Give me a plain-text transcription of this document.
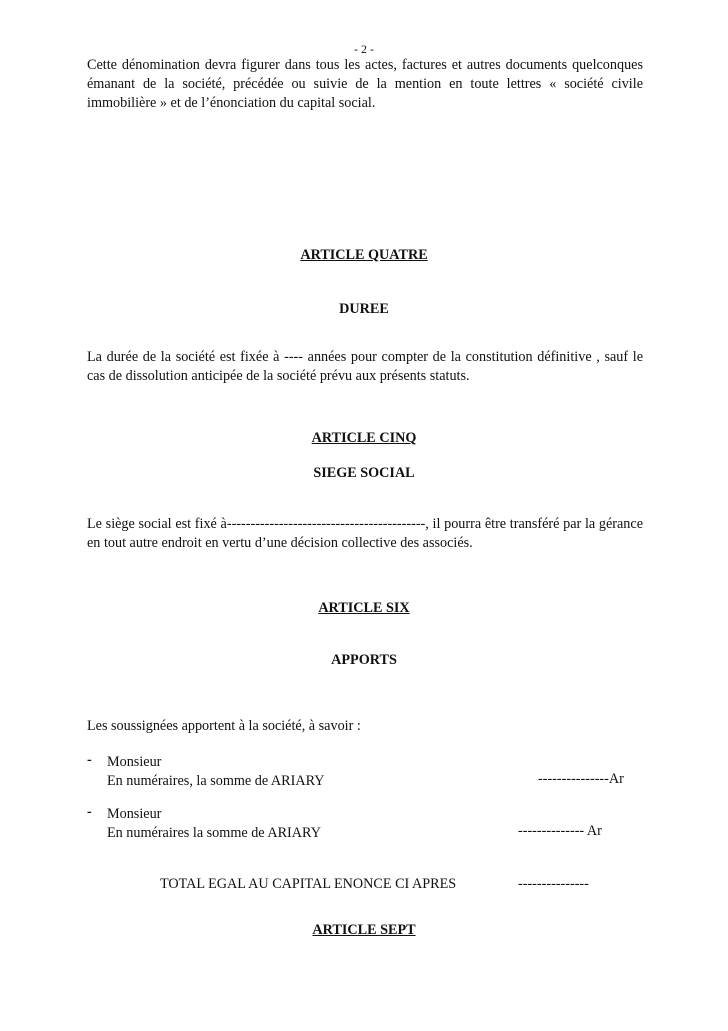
- 2 -
Cette dénomination devra figurer dans tous les actes, factures et autres documents quelconques émanant de la société, précédée ou suivie de la mention en toute lettres « société civile immobilière » et de l’énonciation du capital social.
ARTICLE QUATRE
DUREE
La durée de la société est fixée à ---- années pour compter de la constitution définitive , sauf le cas de dissolution anticipée de la société prévu aux présents statuts.
ARTICLE CINQ
SIEGE SOCIAL
Le siège social est fixé à------------------------------------------, il pourra être transféré par la gérance en tout autre endroit en vertu d’une décision collective des associés.
ARTICLE SIX
APPORTS
Les soussignées apportent à la société, à savoir :
- Monsieur
En numéraires, la somme de ARIARY	---------------Ar
- Monsieur
En numéraires la somme de ARIARY	-------------- Ar
TOTAL EGAL AU CAPITAL ENONCE CI APRES	---------------
ARTICLE SEPT
